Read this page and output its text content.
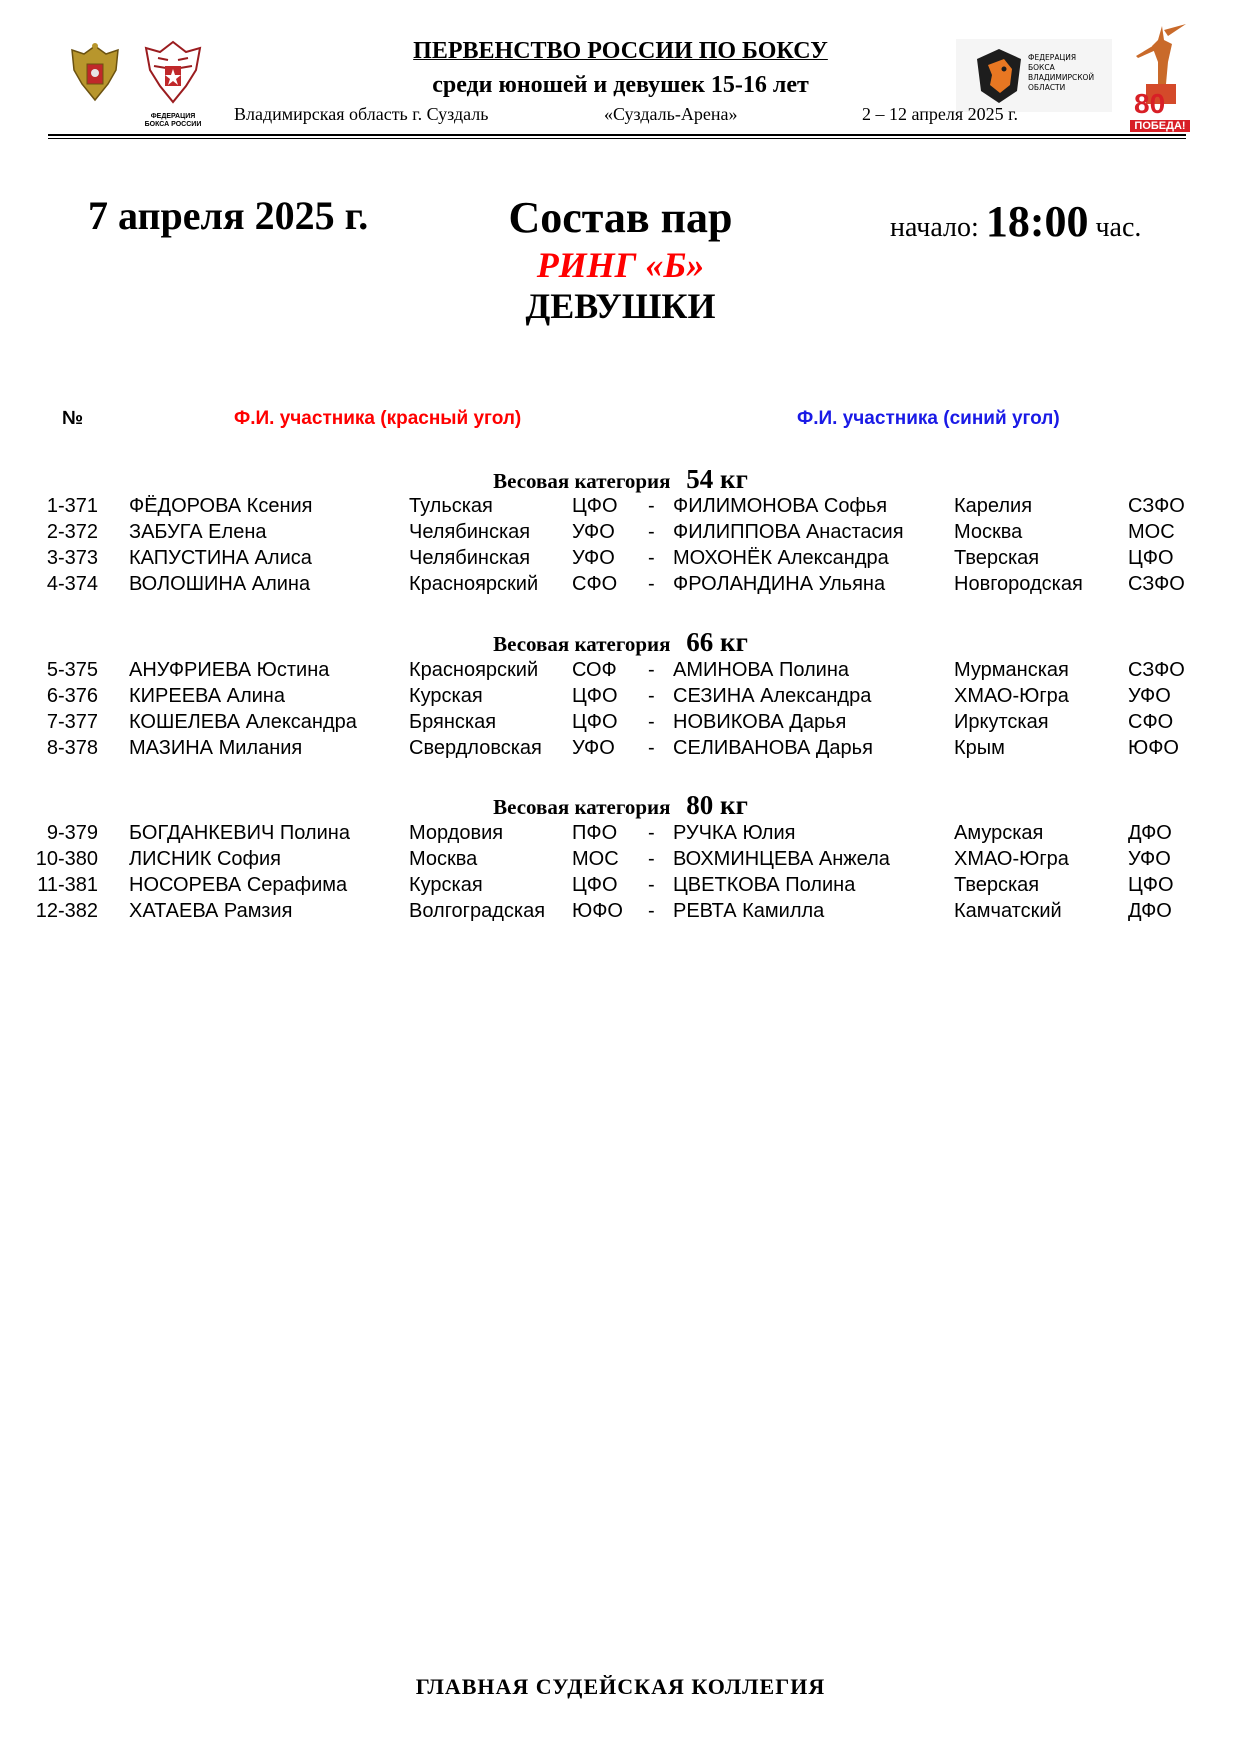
ФЕДЕРАЦИЯ БОКСА РОССИИ
ФЕДЕРАЦИЯ БОКСА ВЛАДИМИРСКОЙ ОБЛАСТИ
80
ПОБЕДА!
ПЕРВЕНСТВО РОССИИ ПО БОКСУ
среди юношей и девушек 15-16 лет
Владимирская область г. Суздаль	«Суздаль-Арена»	2 – 12 апреля 2025 г.
7 апреля 2025 г.	Состав пар	начало: 18:00 час.
РИНГ «Б»
ДЕВУШКИ
№	Ф.И. участника (красный угол)	Ф.И. участника (синий угол)
Весовая категория 54 кг
1-371 ФЁДОРОВА Ксения	Тульская	ЦФО - ФИЛИМОНОВА Софья	Карелия	СЗФО
2-372 ЗАБУГА Елена	Челябинская УФО - ФИЛИППОВА Анастасия	Москва	МОС
3-373 КАПУСТИНА Алиса	Челябинская УФО - МОХОНЁК Александра	Тверская	ЦФО
4-374 ВОЛОШИНА Алина	Красноярский СФО - ФРОЛАНДИНА Ульяна	Новгородская СЗФО
Весовая категория 66 кг
5-375 АНУФРИЕВА Юстина	Красноярский СОФ - АМИНОВА Полина	Мурманская	СЗФО
6-376 КИРЕЕВА Алина	Курская	ЦФО - СЕЗИНА Александра	ХМАО-Югра	УФО
7-377 КОШЕЛЕВА Александра	Брянская	ЦФО - НОВИКОВА Дарья	Иркутская	СФО
8-378 МАЗИНА Милания	Свердловская УФО - СЕЛИВАНОВА Дарья	Крым	ЮФО
Весовая категория 80 кг
9-379 БОГДАНКЕВИЧ Полина	Мордовия	ПФО - РУЧКА Юлия	Амурская	ДФО
10-380 ЛИСНИК София	Москва	МОС - ВОХМИНЦЕВА Анжела	ХМАО-Югра	УФО
11-381 НОСОРЕВА Серафима	Курская	ЦФО - ЦВЕТКОВА Полина	Тверская	ЦФО
12-382 ХАТАЕВА Рамзия	Волгоградская ЮФО - РЕВТА Камилла	Камчатский	ДФО
ГЛАВНАЯ СУДЕЙСКАЯ КОЛЛЕГИЯ
